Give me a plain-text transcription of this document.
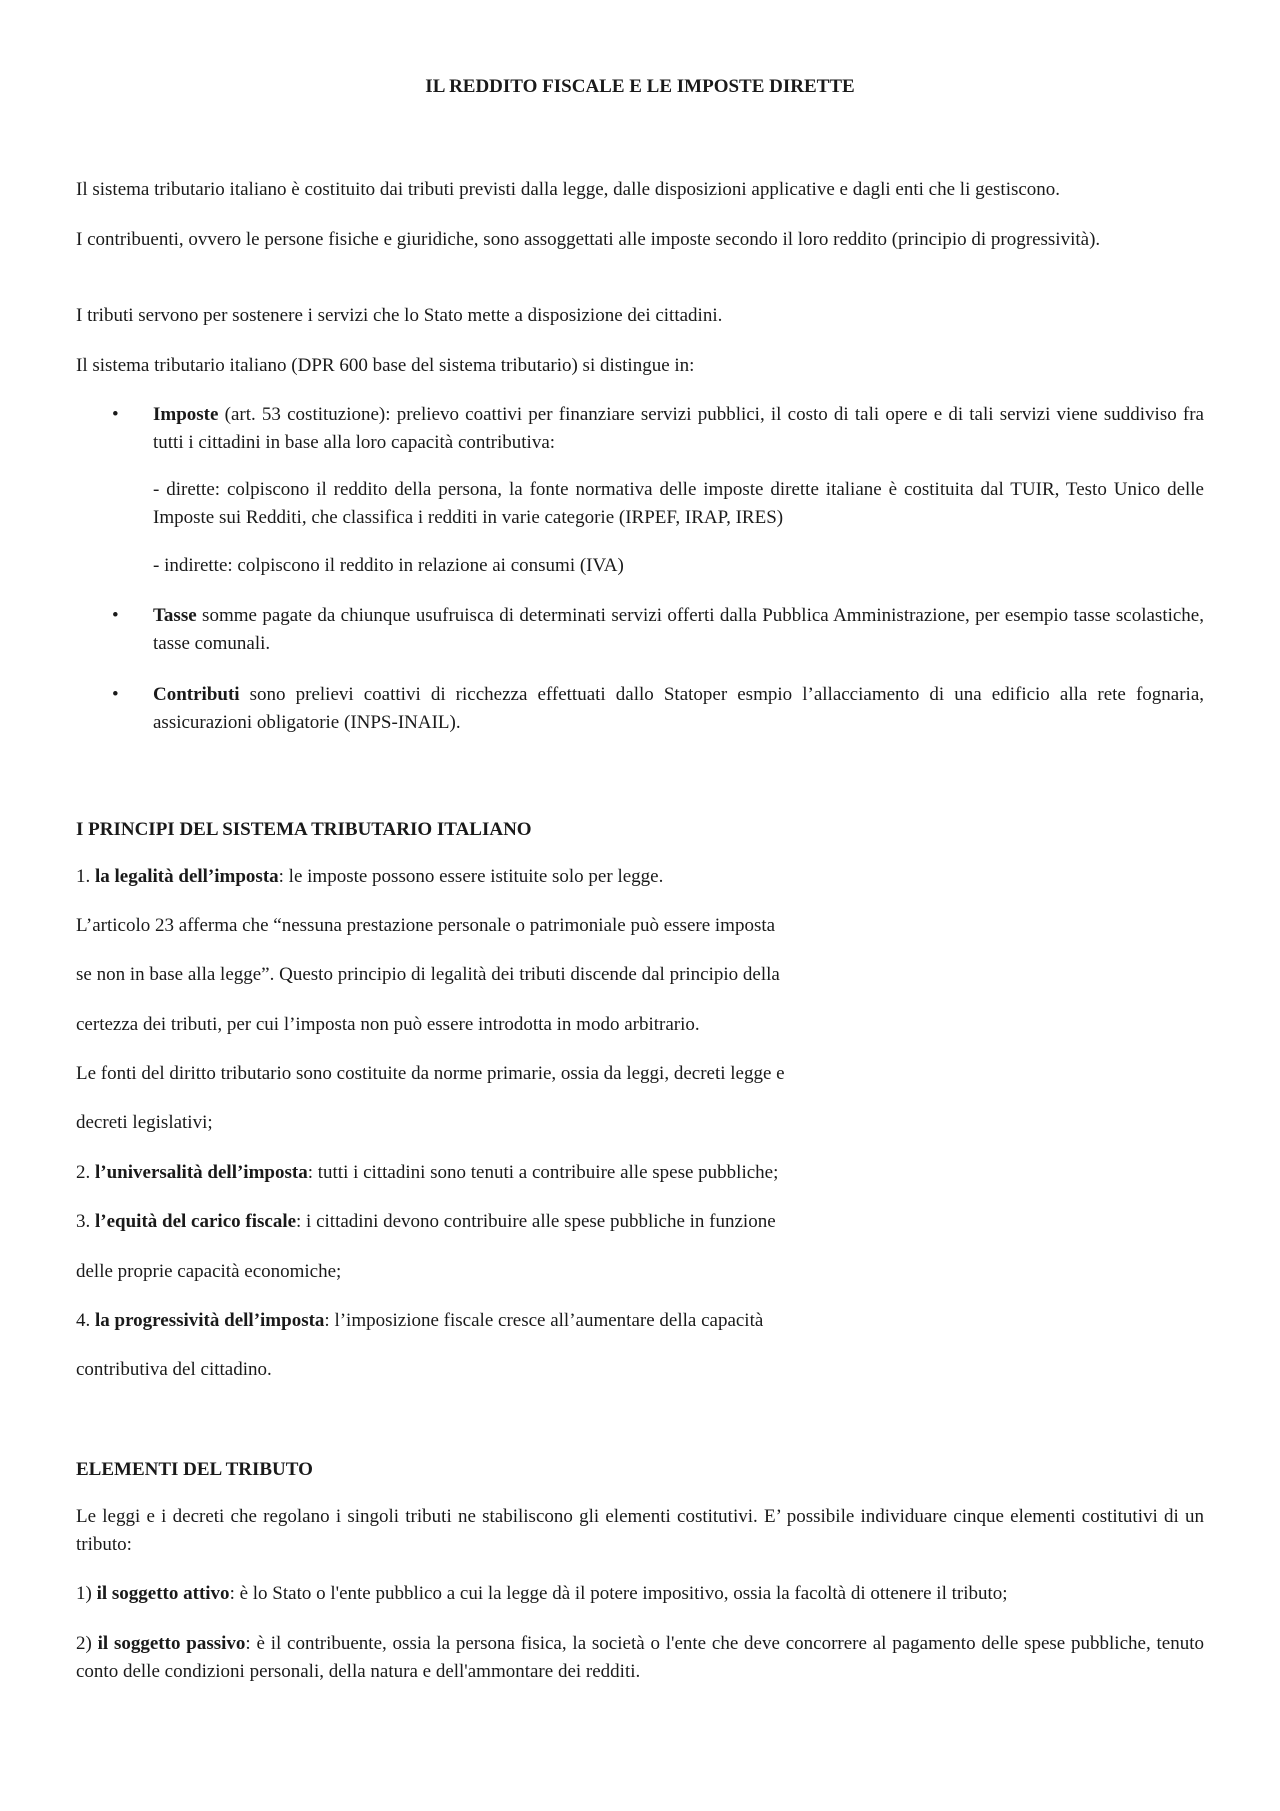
IL REDDITO FISCALE E LE IMPOSTE DIRETTE

Il sistema tributario italiano è costituito dai tributi previsti dalla legge, dalle disposizioni applicative e dagli enti che li gestiscono.

I contribuenti, ovvero le persone fisiche e giuridiche, sono assoggettati alle imposte secondo il loro reddito (principio di progressività).

I tributi servono per sostenere i servizi che lo Stato mette a disposizione dei cittadini.

Il sistema tributario italiano (DPR 600 base del sistema tributario) si distingue in:

• Imposte (art. 53 costituzione): prelievo coattivi per finanziare servizi pubblici, il costo di tali opere e di tali servizi viene suddiviso fra tutti i cittadini in base alla loro capacità contributiva:

- dirette: colpiscono il reddito della persona, la fonte normativa delle imposte dirette italiane è costituita dal TUIR, Testo Unico delle Imposte sui Redditi, che classifica i redditi in varie categorie (IRPEF, IRAP, IRES)

- indirette: colpiscono il reddito in relazione ai consumi (IVA)

• Tasse somme pagate da chiunque usufruisca di determinati servizi offerti dalla Pubblica Amministrazione, per esempio tasse scolastiche, tasse comunali.

• Contributi sono prelievi coattivi di ricchezza effettuati dallo Statoper esmpio l’allacciamento di una edificio alla rete fognaria, assicurazioni obligatorie (INPS-INAIL).

I PRINCIPI DEL SISTEMA TRIBUTARIO ITALIANO

1. la legalità dell’imposta: le imposte possono essere istituite solo per legge.

L’articolo 23 afferma che “nessuna prestazione personale o patrimoniale può essere imposta

se non in base alla legge”. Questo principio di legalità dei tributi discende dal principio della

certezza dei tributi, per cui l’imposta non può essere introdotta in modo arbitrario.

Le fonti del diritto tributario sono costituite da norme primarie, ossia da leggi, decreti legge e

decreti legislativi;

2. l’universalità dell’imposta: tutti i cittadini sono tenuti a contribuire alle spese pubbliche;

3. l’equità del carico fiscale: i cittadini devono contribuire alle spese pubbliche in funzione

delle proprie capacità economiche;

4. la progressività dell’imposta: l’imposizione fiscale cresce all’aumentare della capacità

contributiva del cittadino.

ELEMENTI DEL TRIBUTO

Le leggi e i decreti che regolano i singoli tributi ne stabiliscono gli elementi costitutivi. E’ possibile individuare cinque elementi costitutivi di un tributo:

1) il soggetto attivo: è lo Stato o l'ente pubblico a cui la legge dà il potere impositivo, ossia la facoltà di ottenere il tributo;

2) il soggetto passivo: è il contribuente, ossia la persona fisica, la società o l'ente che deve concorrere al pagamento delle spese pubbliche, tenuto conto delle condizioni personali, della natura e dell'ammontare dei redditi.
